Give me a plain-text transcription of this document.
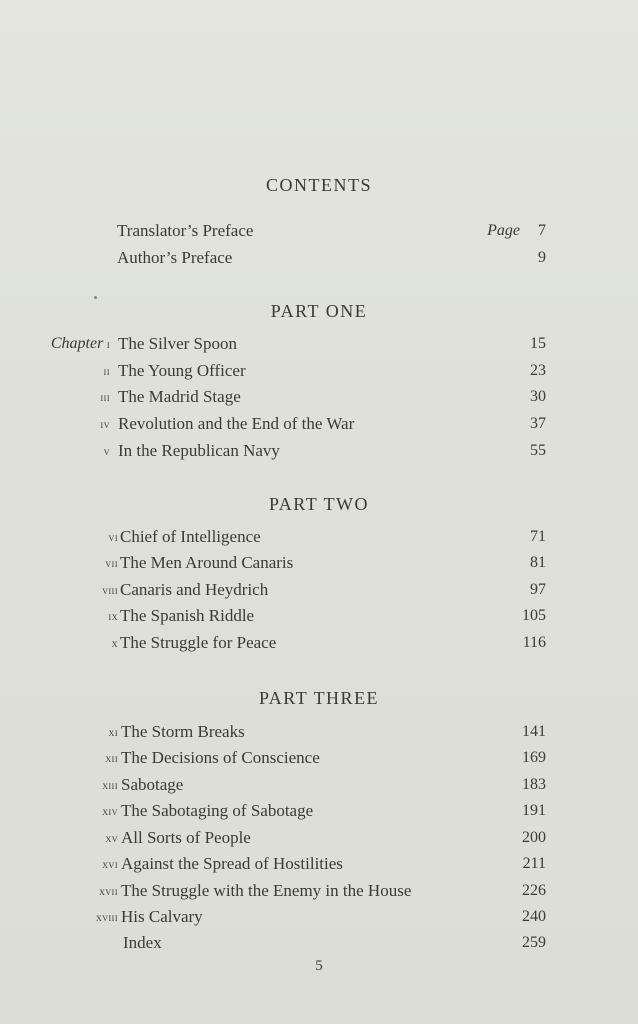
CONTENTS
Translator’s Preface	Page 7
Author’s Preface	9
PART ONE
Chapter i The Silver Spoon	15
ii The Young Officer	23
iii The Madrid Stage	30
iv Revolution and the End of the War	37
v In the Republican Navy	55
PART TWO
vi Chief of Intelligence	71
vii The Men Around Canaris	81
viii Canaris and Heydrich	97
ix The Spanish Riddle	105
x The Struggle for Peace	116
PART THREE
xi The Storm Breaks	141
xii The Decisions of Conscience	169
xiii Sabotage	183
xiv The Sabotaging of Sabotage	191
xv All Sorts of People	200
xvi Against the Spread of Hostilities	211
xvii The Struggle with the Enemy in the House	226
xviii His Calvary	240
Index	259
5
